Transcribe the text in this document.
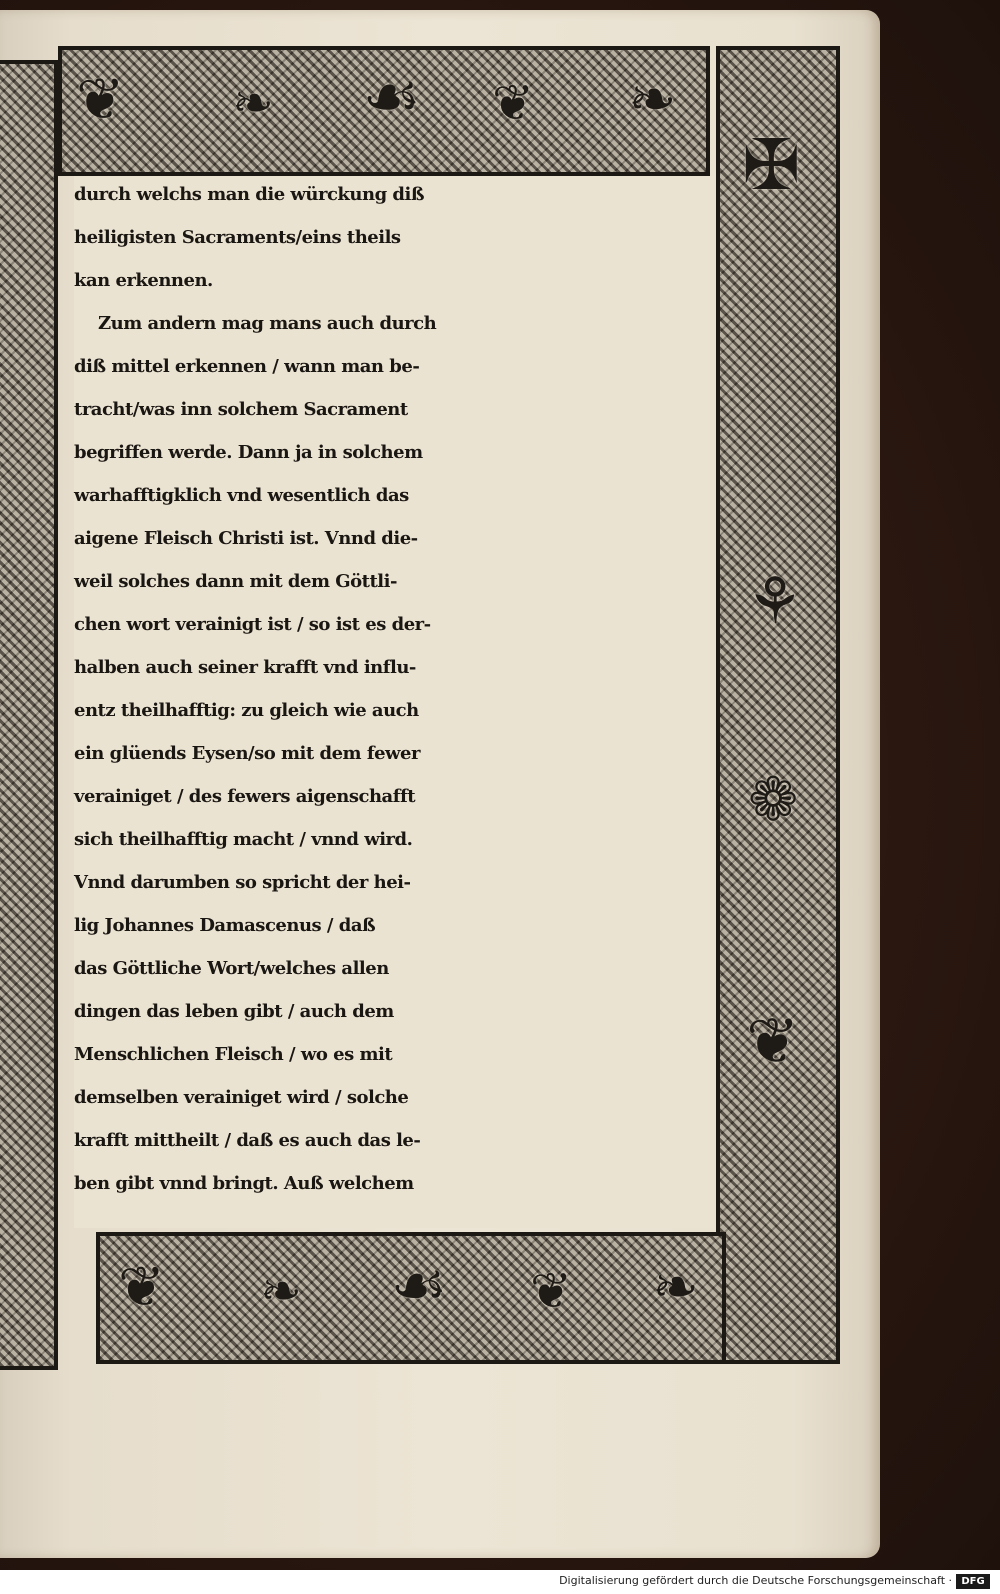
❦ ❧ ☙ ❦ ❧
✠
⚘
❁
❦
❦ ❧ ☙ ❦ ❧
durch welchs man die würckung diß
heiligisten Sacraments/eins theils
kan erkennen.
Zum andern mag mans auch durch
diß mittel erkennen / wann man be-
tracht/was inn solchem Sacrament
begriffen werde. Dann ja in solchem
warhafftigklich vnd wesentlich das
aigene Fleisch Christi ist. Vnnd die-
weil solches dann mit dem Göttli-
chen wort verainigt ist / so ist es der-
halben auch seiner krafft vnd influ-
entz theilhafftig: zu gleich wie auch
ein glüends Eysen/so mit dem fewer
verainiget / des fewers aigenschafft
sich theilhafftig macht / vnnd wird.
Vnnd darumben so spricht der hei-
lig Johannes Damascenus / daß
das Göttliche Wort/welches allen
dingen das leben gibt / auch dem
Menschlichen Fleisch / wo es mit
demselben verainiget wird / solche
krafft mittheilt / daß es auch das le-
ben gibt vnnd bringt. Auß welchem
Digitalisierung gefördert durch die Deutsche Forschungsgemeinschaft · DFG
